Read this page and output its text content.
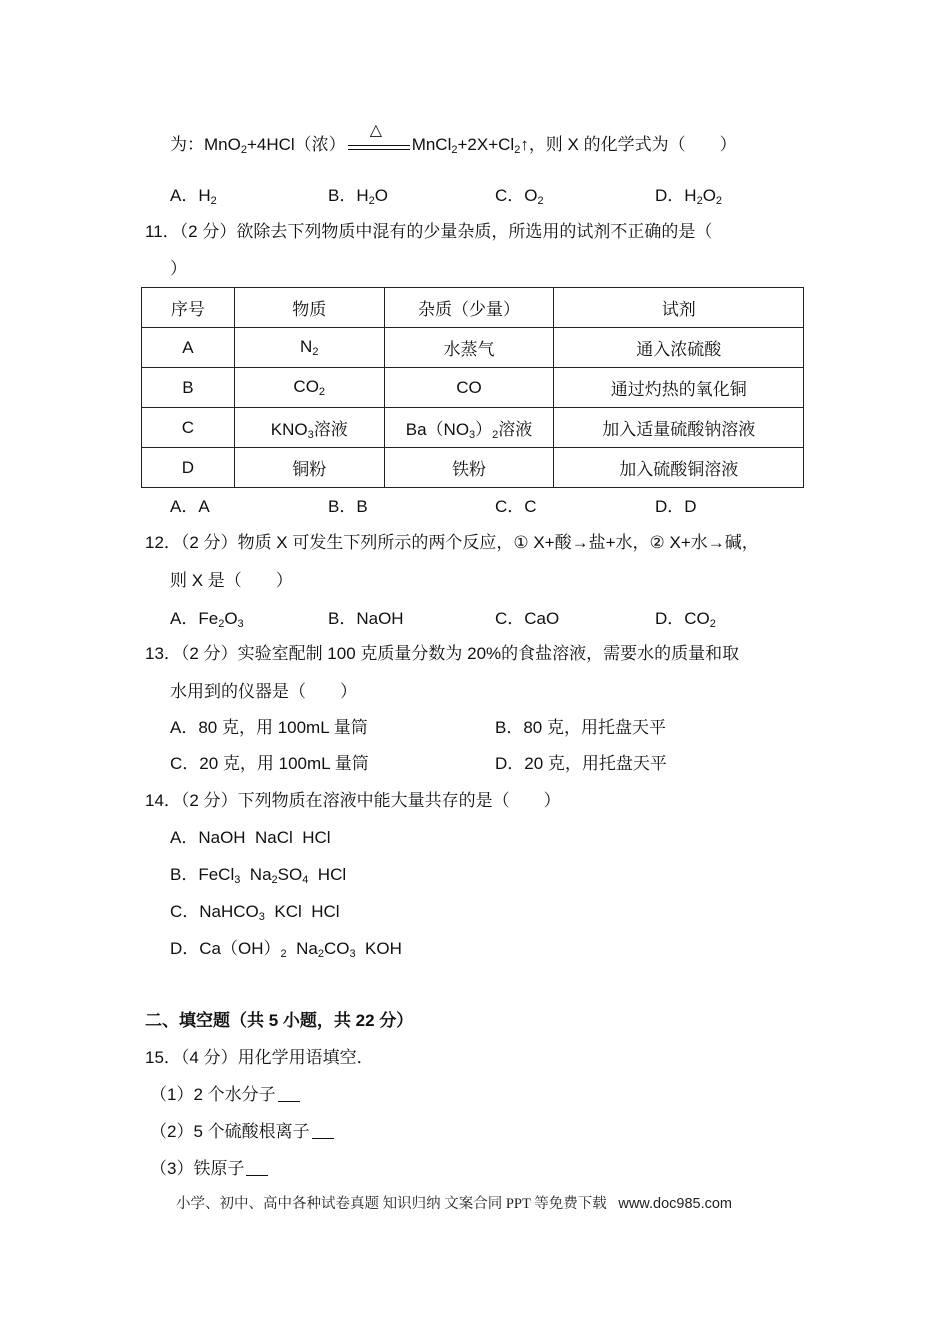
为：MnO$_2$+4HCl（浓）
△
$MnCl_2+2X+Cl_2↑$，则 X 的化学式为（　　）
A．$H_2$	B．$H_2O$	C．$O_2$	D．$H_2O_2$
11．（2 分）欲除去下列物质中混有的少量杂质，所选用的试剂不正确的是（
）
序号	物质	杂质（少量）	试剂
A	$N_2$	水蒸气	通入浓硫酸
B	$CO_2$	CO	通过灼热的氧化铜
C	$KNO_3$溶液	$Ba(NO_3)_2$溶液	加入适量硫酸钠溶液
D	铜粉	铁粉	加入硫酸铜溶液
A．A	B．B	C．C	D．D
12．（2 分）物质 X 可发生下列所示的两个反应，① X+酸→盐+水，② X+水→碱，
则 X 是（　　）
A．$Fe_2O_3$	B．NaOH	C．CaO	D．$CO_2$
13．（2 分）实验室配制 100 克质量分数为 20%的食盐溶液，需要水的质量和取
水用到的仪器是（　　）
A．80 克，用 100mL 量筒	B．80 克，用托盘天平
C．20 克，用 100mL 量筒	D．20 克，用托盘天平
14．（2 分）下列物质在溶液中能大量共存的是（　　）
A．NaOH  NaCl  HCl
B．FeCl$_3$  $Na_2SO_4$  HCl
C．NaHCO$_3$  KCl  HCl
D．$Ca(OH)_2$  $Na_2CO_3$  KOH
二、填空题（共 5 小题，共 22 分）
15．（4 分）用化学用语填空．
（1）2 个水分子
（2）5 个硫酸根离子
（3）铁原子
小学、初中、高中各种试卷真题 知识归纳 文案合同 PPT 等免费下载 www.doc985.com
